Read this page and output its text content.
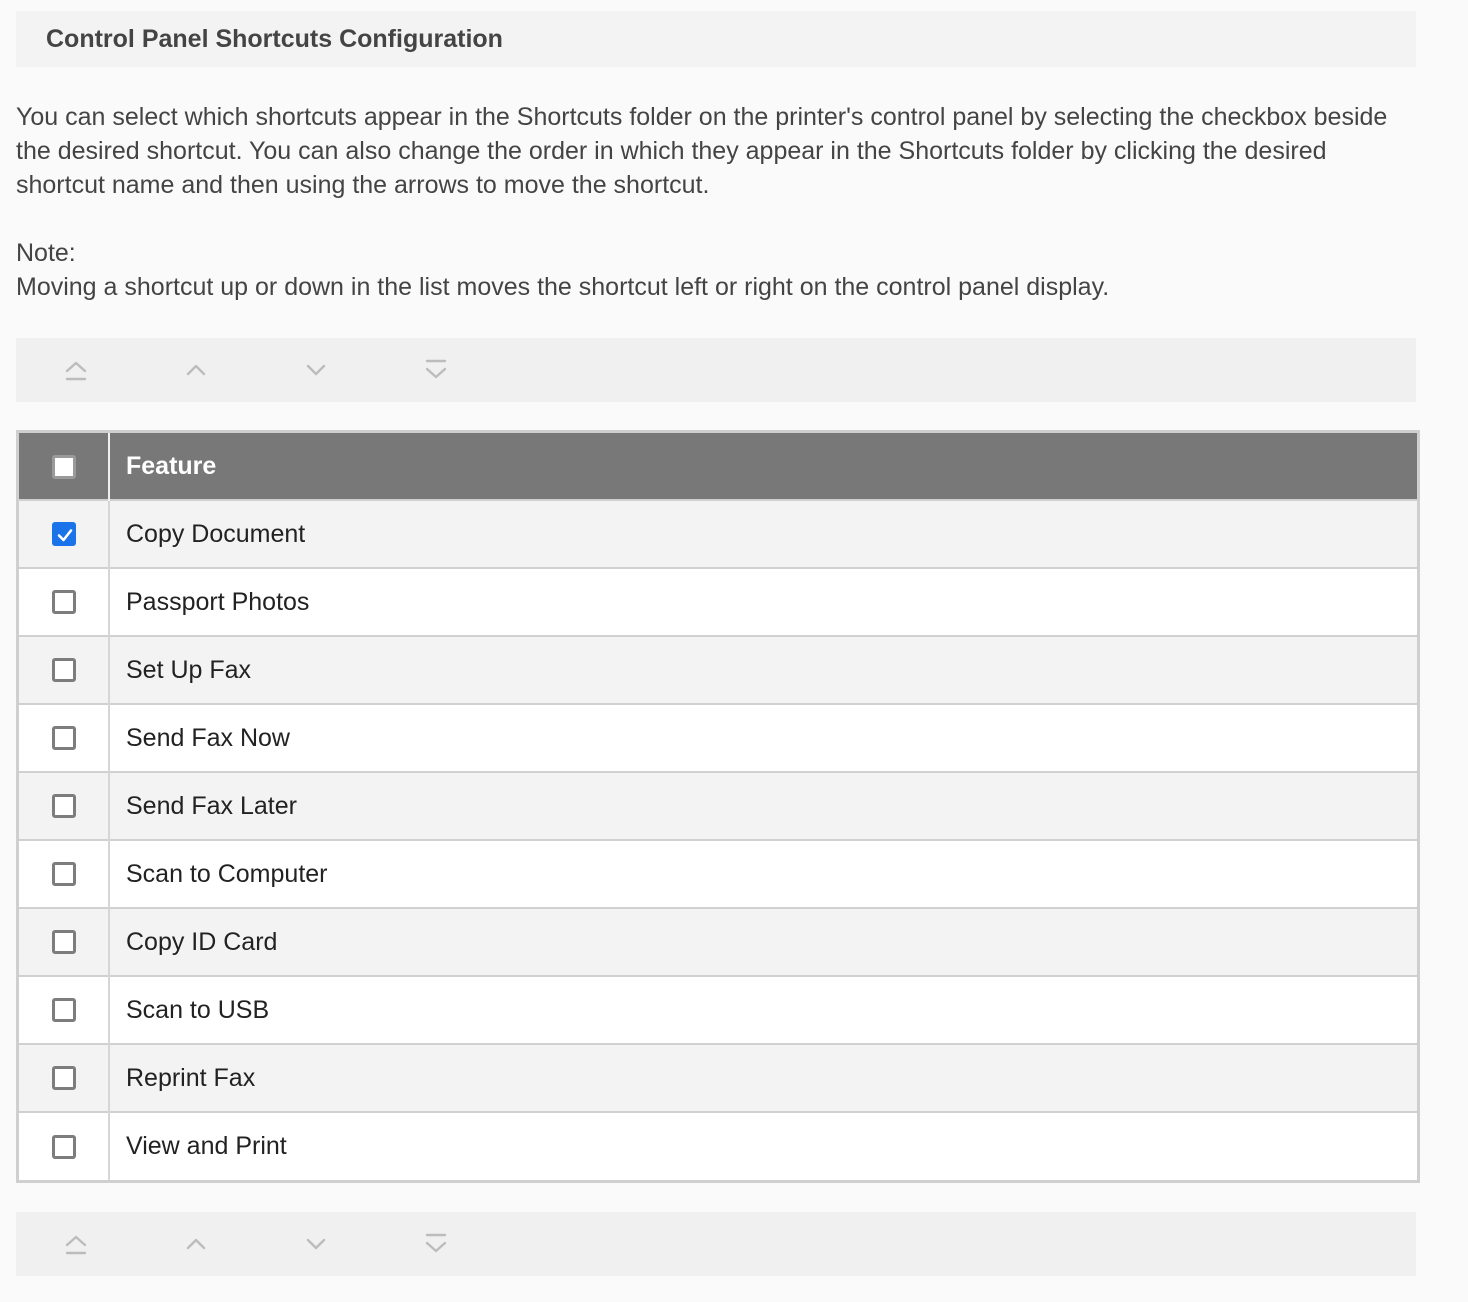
Control Panel Shortcuts Configuration

You can select which shortcuts appear in the Shortcuts folder on the printer's control panel by selecting the checkbox beside the desired shortcut. You can also change the order in which they appear in the Shortcuts folder by clicking the desired shortcut name and then using the arrows to move the shortcut.

Note:
Moving a shortcut up or down in the list moves the shortcut left or right on the control panel display.
	Feature

	Copy Document
	Passport Photos
	Set Up Fax
	Send Fax Now
	Send Fax Later
	Scan to Computer
	Copy ID Card
	Scan to USB
	Reprint Fax
	View and Print
